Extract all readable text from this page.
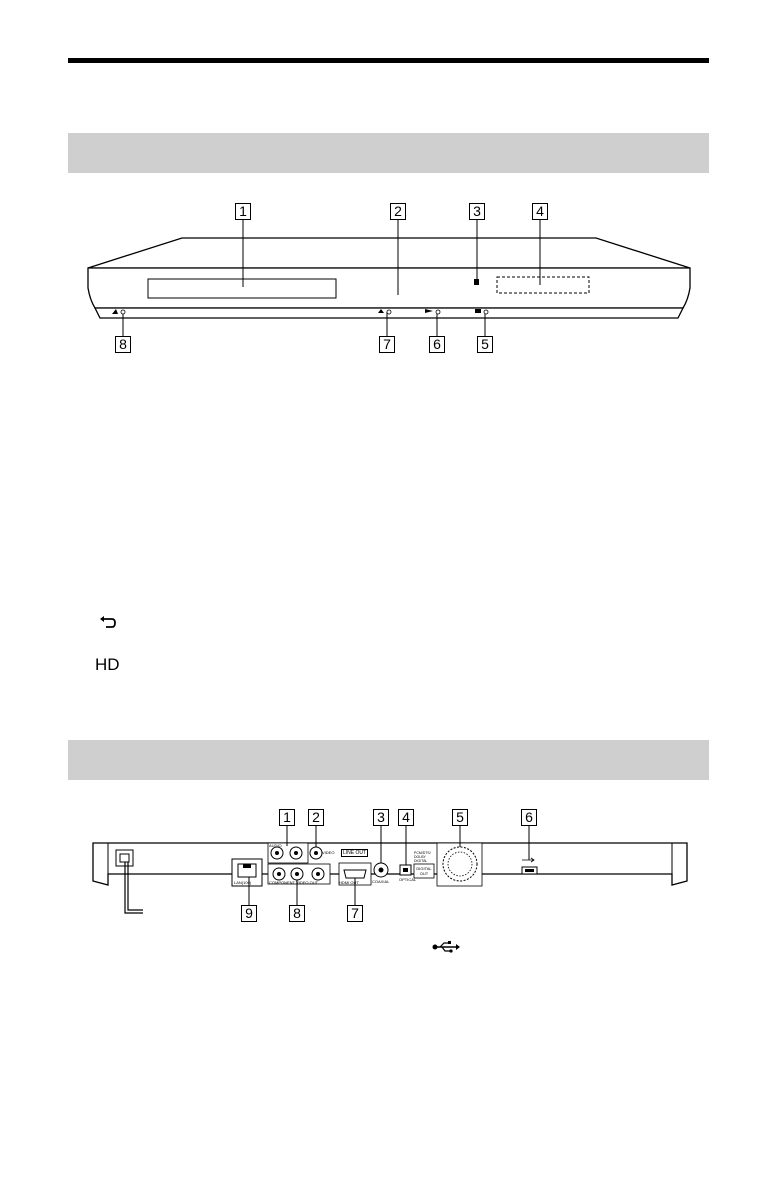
1	2	3	4
8	7	6	5
HD
AUDIO
VIDEO	LINE OUT
COAXIAL OPTICAL
PCM/DTS/ DOLBY DIGITAL
DIGITAL OUT
HDMI OUT
LAN(100)	COMPONENT VIDEO OUT
1 2	3 4	5	6
9	8	7
